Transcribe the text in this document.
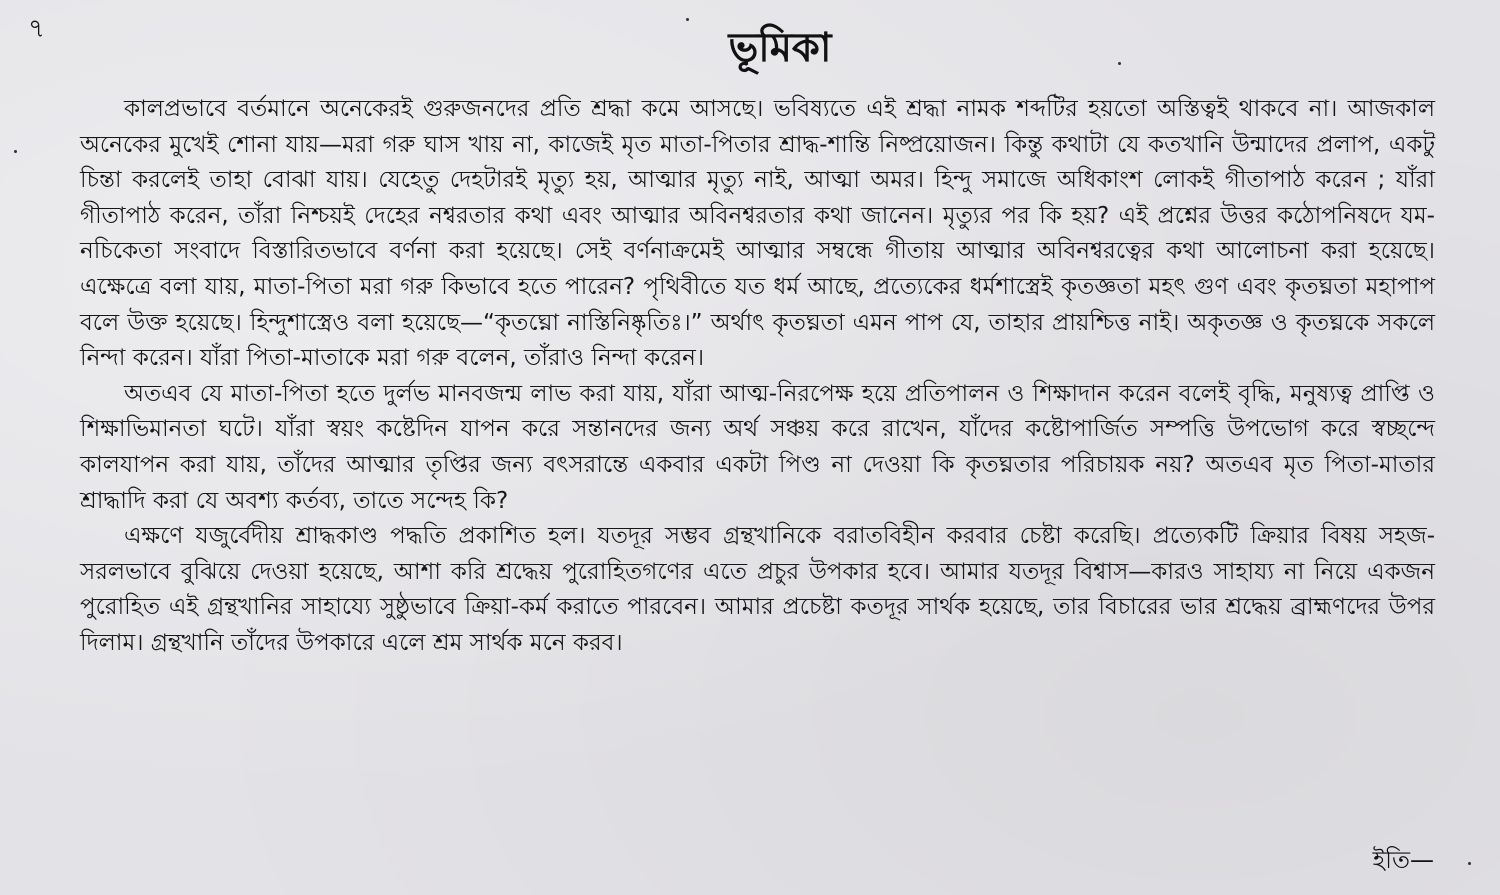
৭	ভূমিকা

কালপ্রভাবে বর্তমানে অনেকেরই গুরুজনদের প্রতি শ্রদ্ধা কমে আসছে। ভবিষ্যতে এই শ্রদ্ধা নামক শব্দটির হয়তো অস্তিত্বই থাকবে না। আজকাল অনেকের মুখেই শোনা যায়—মরা গরু ঘাস খায় না, কাজেই মৃত মাতা-পিতার শ্রাদ্ধ-শান্তি নিষ্প্রয়োজন। কিন্তু কথাটা যে কতখানি উন্মাদের প্রলাপ, একটু চিন্তা করলেই তাহা বোঝা যায়। যেহেতু দেহটারই মৃত্যু হয়, আত্মার মৃত্যু নাই, আত্মা অমর। হিন্দু সমাজে অধিকাংশ লোকই গীতাপাঠ করেন ; যাঁরা গীতাপাঠ করেন, তাঁরা নিশ্চয়ই দেহের নশ্বরতার কথা এবং আত্মার অবিনশ্বরতার কথা জানেন। মৃত্যুর পর কি হয়? এই প্রশ্নের উত্তর কঠোপনিষদে যম-নচিকেতা সংবাদে বিস্তারিতভাবে বর্ণনা করা হয়েছে। সেই বর্ণনাক্রমেই আত্মার সম্বন্ধে গীতায় আত্মার অবিনশ্বরত্বের কথা আলোচনা করা হয়েছে। এক্ষেত্রে বলা যায়, মাতা-পিতা মরা গরু কিভাবে হতে পারেন? পৃথিবীতে যত ধর্ম আছে, প্রত্যেকের ধর্মশাস্ত্রেই কৃতজ্ঞতা মহৎ গুণ এবং কৃতঘ্নতা মহাপাপ বলে উক্ত হয়েছে। হিন্দুশাস্ত্রেও বলা হয়েছে—“কৃতঘ্নো নাস্তিনিষ্কৃতিঃ।” অর্থাৎ কৃতঘ্নতা এমন পাপ যে, তাহার প্রায়শ্চিত্ত নাই। অকৃতজ্ঞ ও কৃতঘ্নকে সকলে নিন্দা করেন। যাঁরা পিতা-মাতাকে মরা গরু বলেন, তাঁরাও নিন্দা করেন।

অতএব যে মাতা-পিতা হতে দুর্লভ মানবজন্ম লাভ করা যায়, যাঁরা আত্ম-নিরপেক্ষ হয়ে প্রতিপালন ও শিক্ষাদান করেন বলেই বৃদ্ধি, মনুষ্যত্ব প্রাপ্তি ও শিক্ষাভিমানতা ঘটে। যাঁরা স্বয়ং কষ্টেদিন যাপন করে সন্তানদের জন্য অর্থ সঞ্চয় করে রাখেন, যাঁদের কষ্টোপার্জিত সম্পত্তি উপভোগ করে স্বচ্ছন্দে কালযাপন করা যায়, তাঁদের আত্মার তৃপ্তির জন্য বৎসরান্তে একবার একটা পিণ্ড না দেওয়া কি কৃতঘ্নতার পরিচায়ক নয়? অতএব মৃত পিতা-মাতার শ্রাদ্ধাদি করা যে অবশ্য কর্তব্য, তাতে সন্দেহ কি?

এক্ষণে যজুর্বেদীয় শ্রাদ্ধকাণ্ড পদ্ধতি প্রকাশিত হল। যতদূর সম্ভব গ্রন্থখানিকে বরাতবিহীন করবার চেষ্টা করেছি। প্রত্যেকটি ক্রিয়ার বিষয় সহজ-সরলভাবে বুঝিয়ে দেওয়া হয়েছে, আশা করি শ্রদ্ধেয় পুরোহিতগণের এতে প্রচুর উপকার হবে। আমার যতদূর বিশ্বাস—কারও সাহায্য না নিয়ে একজন পুরোহিত এই গ্রন্থখানির সাহায্যে সুষ্ঠুভাবে ক্রিয়া-কর্ম করাতে পারবেন। আমার প্রচেষ্টা কতদূর সার্থক হয়েছে, তার বিচারের ভার শ্রদ্ধেয় ব্রাহ্মণদের উপর দিলাম। গ্রন্থখানি তাঁদের উপকারে এলে শ্রম সার্থক মনে করব।

ইতি—
